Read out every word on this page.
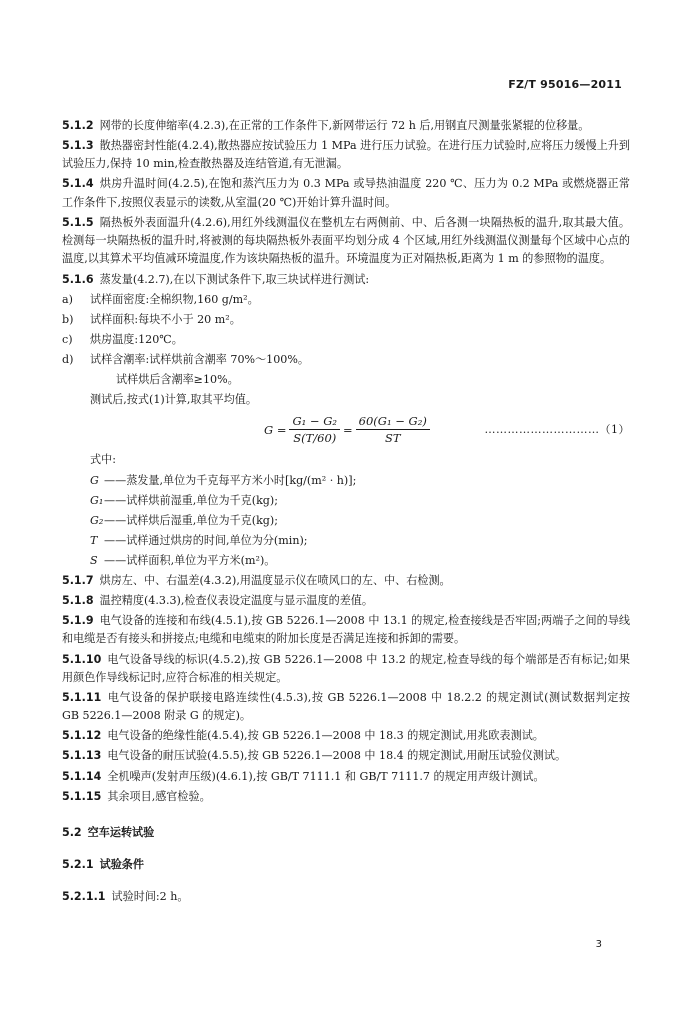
FZ/T 95016—2011

5.1.2 网带的长度伸缩率(4.2.3),在正常的工作条件下,新网带运行 72 h 后,用钢直尺测量张紧辊的位移量。

5.1.3 散热器密封性能(4.2.4),散热器应按试验压力 1 MPa 进行压力试验。在进行压力试验时,应将压力缓慢上升到试验压力,保持 10 min,检查散热器及连结管道,有无泄漏。

5.1.4 烘房升温时间(4.2.5),在饱和蒸汽压力为 0.3 MPa 或导热油温度 220 ℃、压力为 0.2 MPa 或燃烧器正常工作条件下,按照仪表显示的读数,从室温(20 ℃)开始计算升温时间。

5.1.5 隔热板外表面温升(4.2.6),用红外线测温仪在整机左右两侧前、中、后各测一块隔热板的温升,取其最大值。检测每一块隔热板的温升时,将被测的每块隔热板外表面平均划分成 4 个区域,用红外线测温仪测量每个区域中心点的温度,以其算术平均值减环境温度,作为该块隔热板的温升。环境温度为正对隔热板,距离为 1 m 的参照物的温度。

5.1.6 蒸发量(4.2.7),在以下测试条件下,取三块试样进行测试:

a)	试样面密度:全棉织物,160 g/m²。
b)	试样面积:每块不小于 20 m²。
c)	烘房温度:120℃。
d)	试样含潮率:试样烘前含潮率 70%～100%。
试样烘后含潮率≥10%。

测试后,按式(1)计算,取其平均值。

$G = \frac{\text{G₁ − G₂}}{S(T/60)} = \frac{\text{60(G₁ − G₂)}}{ST}$	…………………………（1）

式中:

G ——蒸发量,单位为千克每平方米小时[kg/(m² · h)];
G₁——试样烘前湿重,单位为千克(kg);
G₂——试样烘后湿重,单位为千克(kg);
T ——试样通过烘房的时间,单位为分(min);
S ——试样面积,单位为平方米(m²)。

5.1.7 烘房左、中、右温差(4.3.2),用温度显示仪在喷风口的左、中、右检测。

5.1.8 温控精度(4.3.3),检查仪表设定温度与显示温度的差值。

5.1.9 电气设备的连接和布线(4.5.1),按 GB 5226.1—2008 中 13.1 的规定,检查接线是否牢固;两端子之间的导线和电缆是否有接头和拼接点;电缆和电缆束的附加长度是否满足连接和拆卸的需要。

5.1.10 电气设备导线的标识(4.5.2),按 GB 5226.1—2008 中 13.2 的规定,检查导线的每个端部是否有标记;如果用颜色作导线标记时,应符合标准的相关规定。

5.1.11 电气设备的保护联接电路连续性(4.5.3),按 GB 5226.1—2008 中 18.2.2 的规定测试(测试数据判定按 GB 5226.1—2008 附录 G 的规定)。

5.1.12 电气设备的绝缘性能(4.5.4),按 GB 5226.1—2008 中 18.3 的规定测试,用兆欧表测试。

5.1.13 电气设备的耐压试验(4.5.5),按 GB 5226.1—2008 中 18.4 的规定测试,用耐压试验仪测试。

5.1.14 全机噪声(发射声压级)(4.6.1),按 GB/T 7111.1 和 GB/T 7111.7 的规定用声级计测试。

5.1.15 其余项目,感官检验。

5.2 空车运转试验

5.2.1 试验条件

5.2.1.1 试验时间:2 h。

3
